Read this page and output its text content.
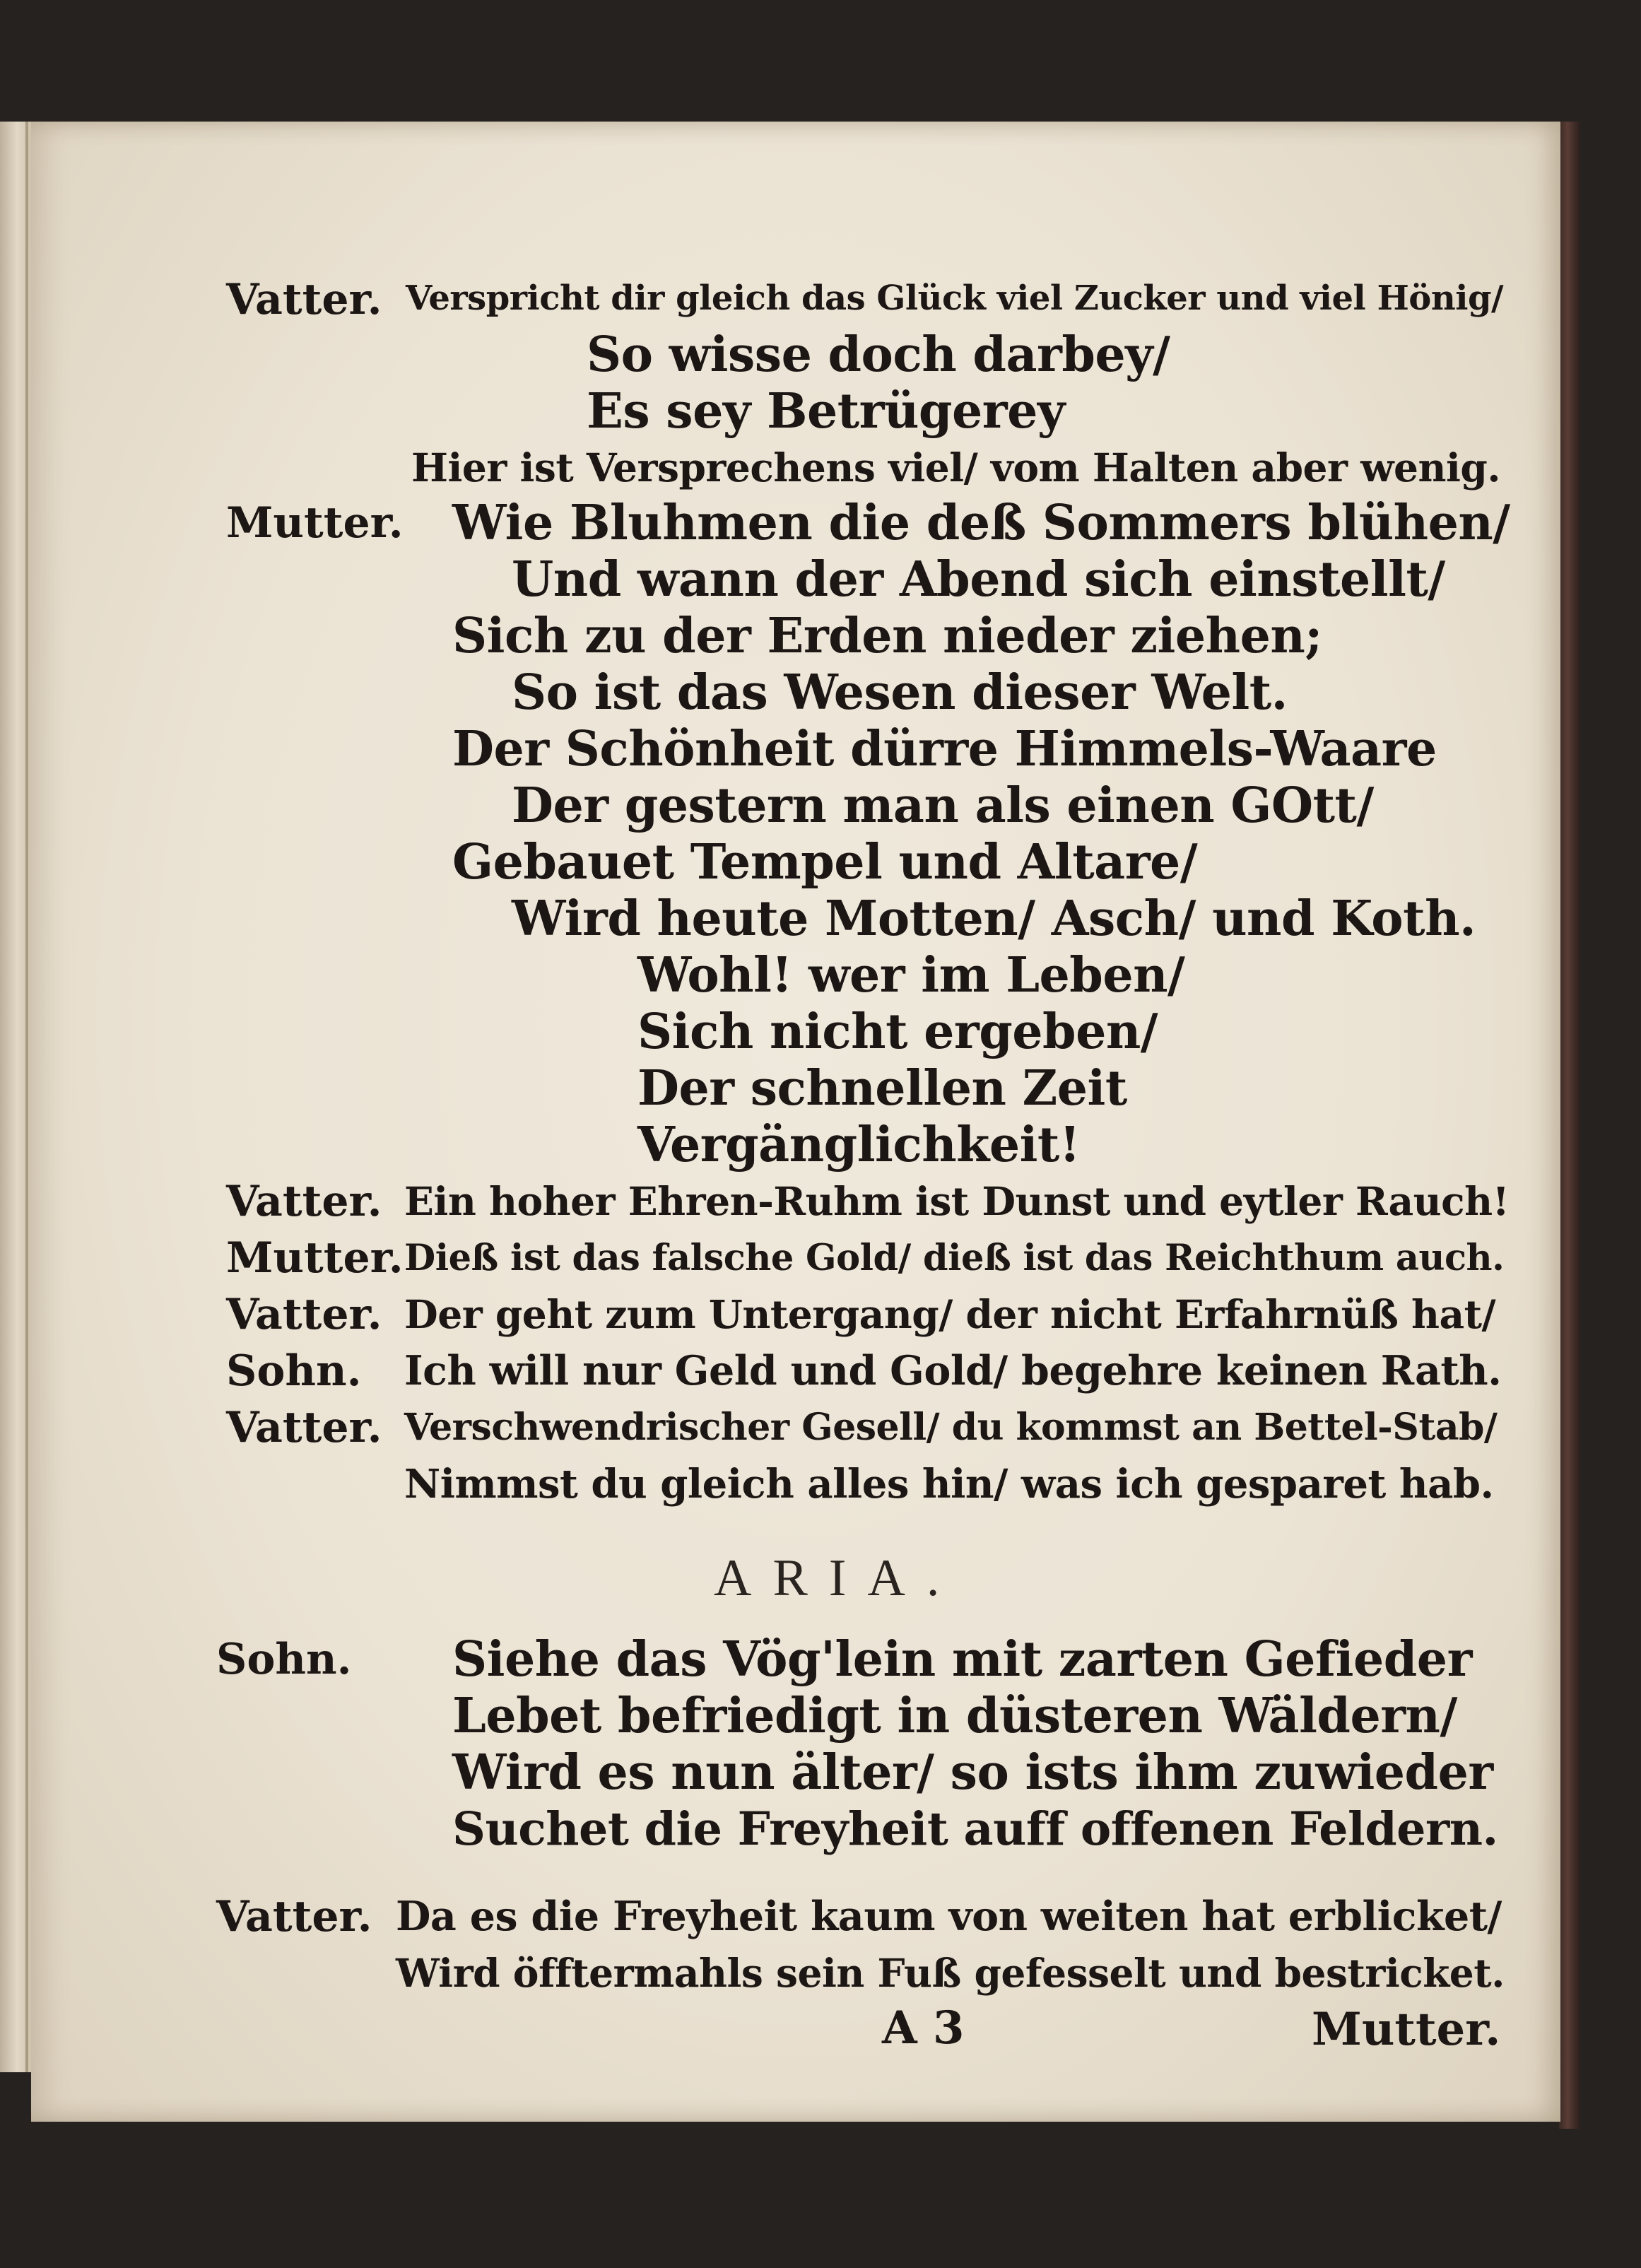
Vatter. Verspricht dir gleich das Glück viel Zucker und viel Hönig/
So wisse doch darbey/
Es sey Betrügerey
Hier ist Versprechens viel/ vom Halten aber wenig.
Mutter. Wie Bluhmen die deß Sommers blühen/
Und wann der Abend sich einstellt/
Sich zu der Erden nieder ziehen;
So ist das Wesen dieser Welt.
Der Schönheit dürre Himmels-Waare
Der gestern man als einen GOtt/
Gebauet Tempel und Altare/
Wird heute Motten/ Asch/ und Koth.
Wohl! wer im Leben/
Sich nicht ergeben/
Der schnellen Zeit
Vergänglichkeit!
Vatter. Ein hoher Ehren-Ruhm ist Dunst und eytler Rauch!
Mutter. Dieß ist das falsche Gold/ dieß ist das Reichthum auch.
Vatter. Der geht zum Untergang/ der nicht Erfahrnüß hat/
Sohn. Ich will nur Geld und Gold/ begehre keinen Rath.
Vatter. Verschwendrischer Gesell/ du kommst an Bettel-Stab/
Nimmst du gleich alles hin/ was ich gesparet hab.
ARIA.
Sohn. Siehe das Vög'lein mit zarten Gefieder
Lebet befriedigt in düsteren Wäldern/
Wird es nun älter/ so ists ihm zuwieder
Suchet die Freyheit auff offenen Feldern.
Vatter. Da es die Freyheit kaum von weiten hat erblicket/
Wird öfftermahls sein Fuß gefesselt und bestricket.
A 3	Mutter.
